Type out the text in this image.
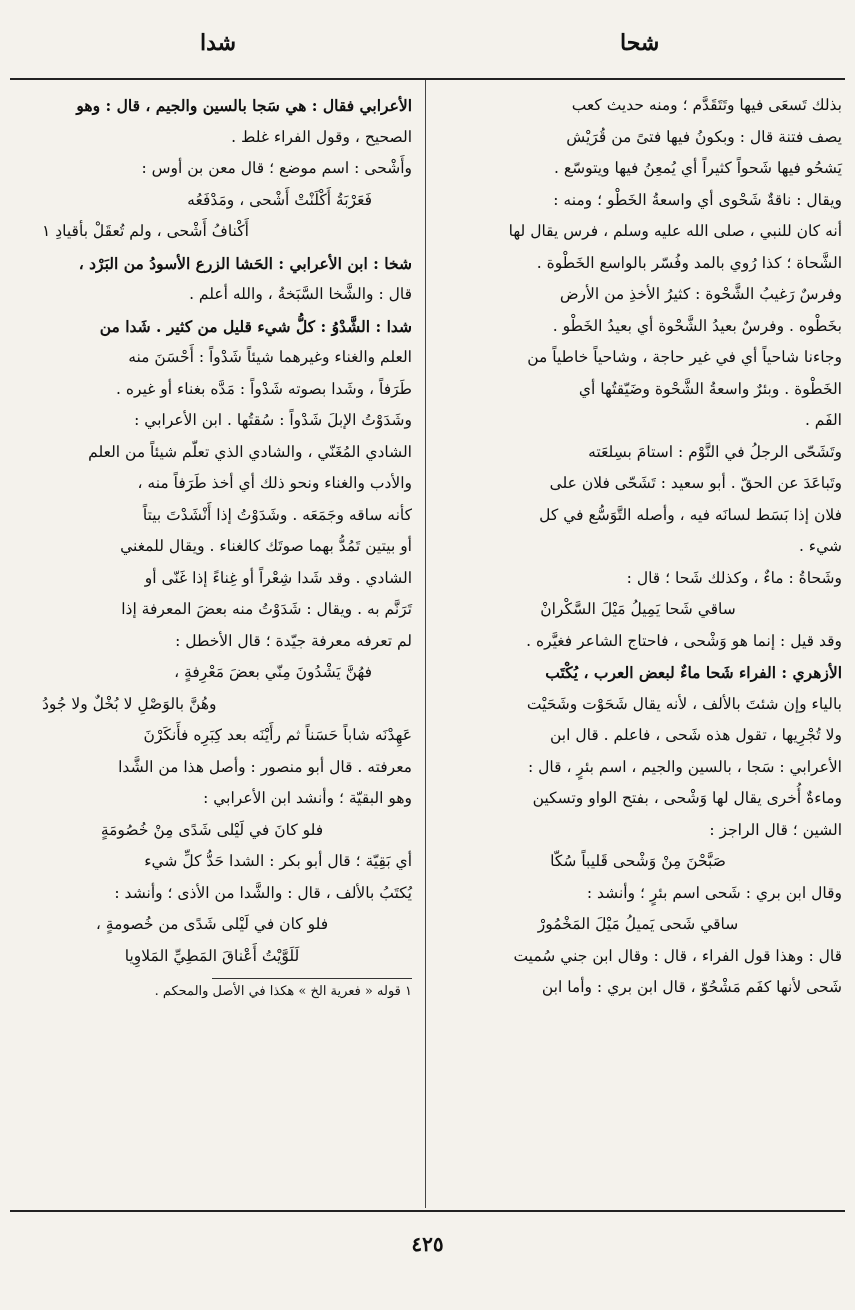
شدا	شحا

بذلك تَسعَى فيها وتَتَقَدَّم ؛ ومنه حديث كعب

يصف فتنة قال : وبكونُ فيها فتىً من قُرَيْش

يَشحُو فيها شَحواً كثيراً أي يُمعِنُ فيها ويتوسّع .

ويقال : ناقةٌ شَحْوى أي واسعةُ الخَطْو ؛ ومنه :

أنه كان للنبي ، صلى الله عليه وسلم ، فرس يقال لها

الشَّحاة ؛ كذا رُوي بالمد وفُسّر بالواسع الخَطْوة .

وفرسٌ رَغيبُ الشَّحْوة : كثيرُ الأخذِ من الأرض

بخَطْوه . وفرسٌ بعيدُ الشَّحْوة أي بعيدُ الخَطْو .

وجاءنا شاحياً أي في غير حاجة ، وشاحياً خاطياً من

الخَطْوة . وبئرٌ واسعةُ الشَّحْوة وضَيّقتُها أي

الفَم .

وتَشَحّى الرجلُ في النَّوْم : استامَ بسِلعَته

وتَباعَدَ عن الحقّ . أبو سعيد : تَشَحّى فلان على

فلان إذا بَسَط لسانَه فيه ، وأصله التَّوَسُّع في كل

شيء .

وشَحاةُ : ماءٌ ، وكذلك شَحا ؛ قال :

ساقي شَحا يَمِيلُ مَيْلَ السَّكْرانْ

وقد قيل : إنما هو وَشْحى ، فاحتاج الشاعر فغيَّره .

الأزهري : الفراء شَحا ماءٌ لبعض العرب ، يُكْتَب

بالياء وإن شئتَ بالألف ، لأنه يقال شَحَوْت وشَحَيْت

ولا تُجْرِيها ، تقول هذه شَحى ، فاعلم . قال ابن

الأعرابي : سَجا ، بالسين والجيم ، اسم بئرٍ ، قال :

وماءةٌ أُخرى يقال لها وَشْحى ، بفتح الواو وتسكين

الشين ؛ قال الراجز :

صَبَّحْنَ مِنْ وَشْحى قَليباً سُكّا

وقال ابن بري : شَحى اسم بئرٍ ؛ وأنشد :

ساقي شَحى يَميلُ مَيْلَ المَخْمُورْ

قال : وهذا قول الفراء ، قال : وقال ابن جني سُميت

شَحى لأنها كفَم مَشْحُوّ ، قال ابن بري : وأما ابن

الأعرابي فقال : هي سَجا بالسين والجيم ، قال : وهو

الصحيح ، وقول الفراء غلط .

وأَشْحى : اسم موضع ؛ قال معن بن أوس :

فَعَرْبَةُ أَكْلَنْتْ أَشْحى ، ومَدْفَعُه

أَكْنافُ أَشْحى ، ولم تُعقَلْ بأقيادِ ١

شخا : ابن الأعرابي : الحَشا الزرع الأسودُ من البَرْد ،

قال : والشَّخا السَّبَخةُ ، والله أعلم .

شدا : الشَّدْوُ : كلُّ شيء قليل من كثير . شَدا من

العلم والغناء وغيرهما شيئاً شَدْواً : أَحْسَنَ منه

طَرَفاً ، وشَدا بصوته شَدْواً : مَدَّه بغناء أو غيره .

وشَدَوْتُ الإبلَ شَدْواً : سُقتُها . ابن الأعرابي :

الشادي المُغَنّي ، والشادي الذي تعلّم شيئاً من العلم

والأدب والغناء ونحو ذلك أي أخذ طَرَفاً منه ،

كأنه ساقه وجَمَعَه . وشَدَوْتُ إذا أَنْشَدْتَ بيتاً

أو بيتين تَمُدُّ بهما صوتَك كالغناء . ويقال للمغني

الشادي . وقد شَدا شِعْراً أو غِناءً إذا غَنّى أو

تَرَنَّم به . ويقال : شَدَوْتُ منه بعضَ المعرفة إذا

لم تعرفه معرفة جيّدة ؛ قال الأخطل :

فهُنَّ يَشْدُونَ مِنّي بعضَ مَعْرِفةٍ ،

وهُنَّ بالوَصْلِ لا بُخْلٌ ولا جُودُ

عَهِدْنَه شاباً حَسَناً ثم رأَيْنَه بعد كِبَرِه فأَنكَرْنَ

معرفته . قال أبو منصور : وأصل هذا من الشَّدا

وهو البقيّة ؛ وأنشد ابن الأعرابي :

فلو كانَ في لَيْلى شَدًى مِنْ خُصُومَةٍ

أي بَقِيّة ؛ قال أبو بكر : الشدا حَدُّ كلِّ شيء

يُكتَبُ بالألف ، قال : والشَّدا من الأذى ؛ وأنشد :

فلو كان في لَيْلى شَدًى من خُصومةٍ ،

لَلَوَّيْتُ أَعْناقَ المَطِيِّ المَلاوِيا

١ قوله « فعرية الخ » هكذا في الأصل والمحكم .

٤٢٥
